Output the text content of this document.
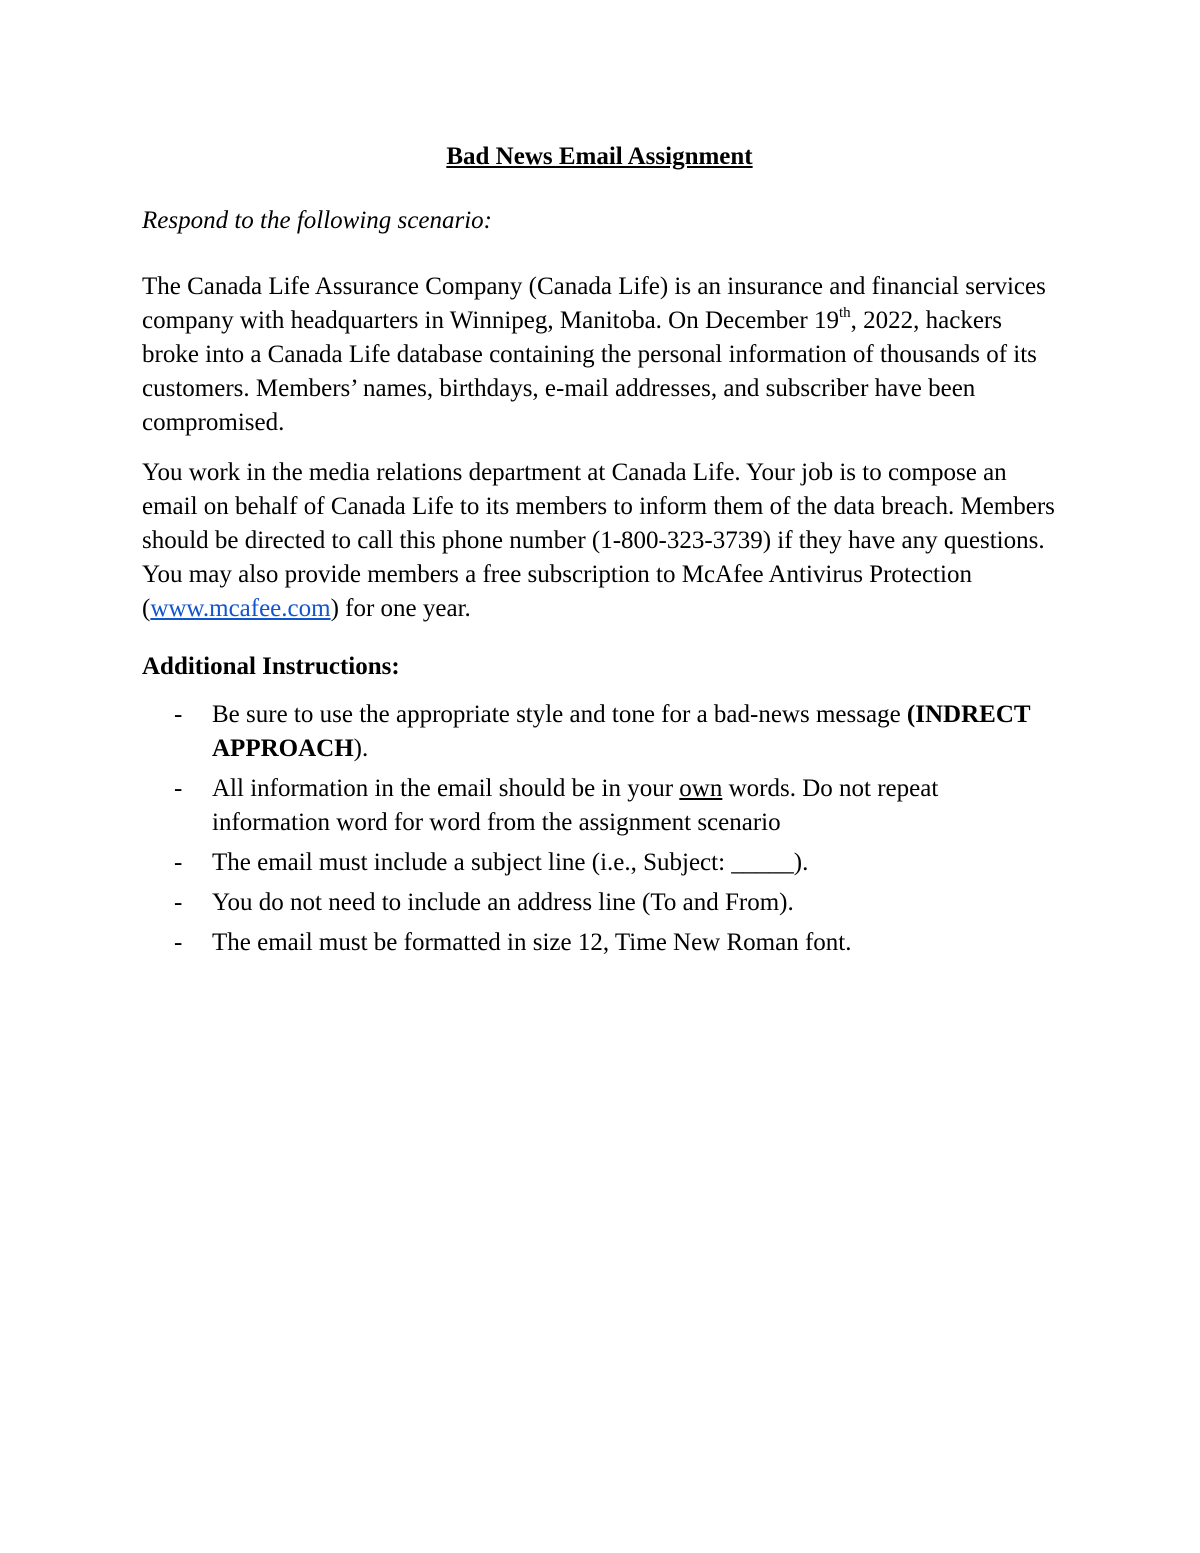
Bad News Email Assignment
Respond to the following scenario:

The Canada Life Assurance Company (Canada Life) is an insurance and financial services company with headquarters in Winnipeg, Manitoba. On December 19th, 2022, hackers broke into a Canada Life database containing the personal information of thousands of its customers. Members’ names, birthdays, e-mail addresses, and subscriber have been compromised.

You work in the media relations department at Canada Life. Your job is to compose an email on behalf of Canada Life to its members to inform them of the data breach. Members should be directed to call this phone number (1-800-323-3739) if they have any questions. You may also provide members a free subscription to McAfee Antivirus Protection (www.mcafee.com) for one year.

Additional Instructions:
- Be sure to use the appropriate style and tone for a bad-news message (INDRECT APPROACH).
- All information in the email should be in your own words. Do not repeat information word for word from the assignment scenario
- The email must include a subject line (i.e., Subject: _____).
- You do not need to include an address line (To and From).
- The email must be formatted in size 12, Time New Roman font.
